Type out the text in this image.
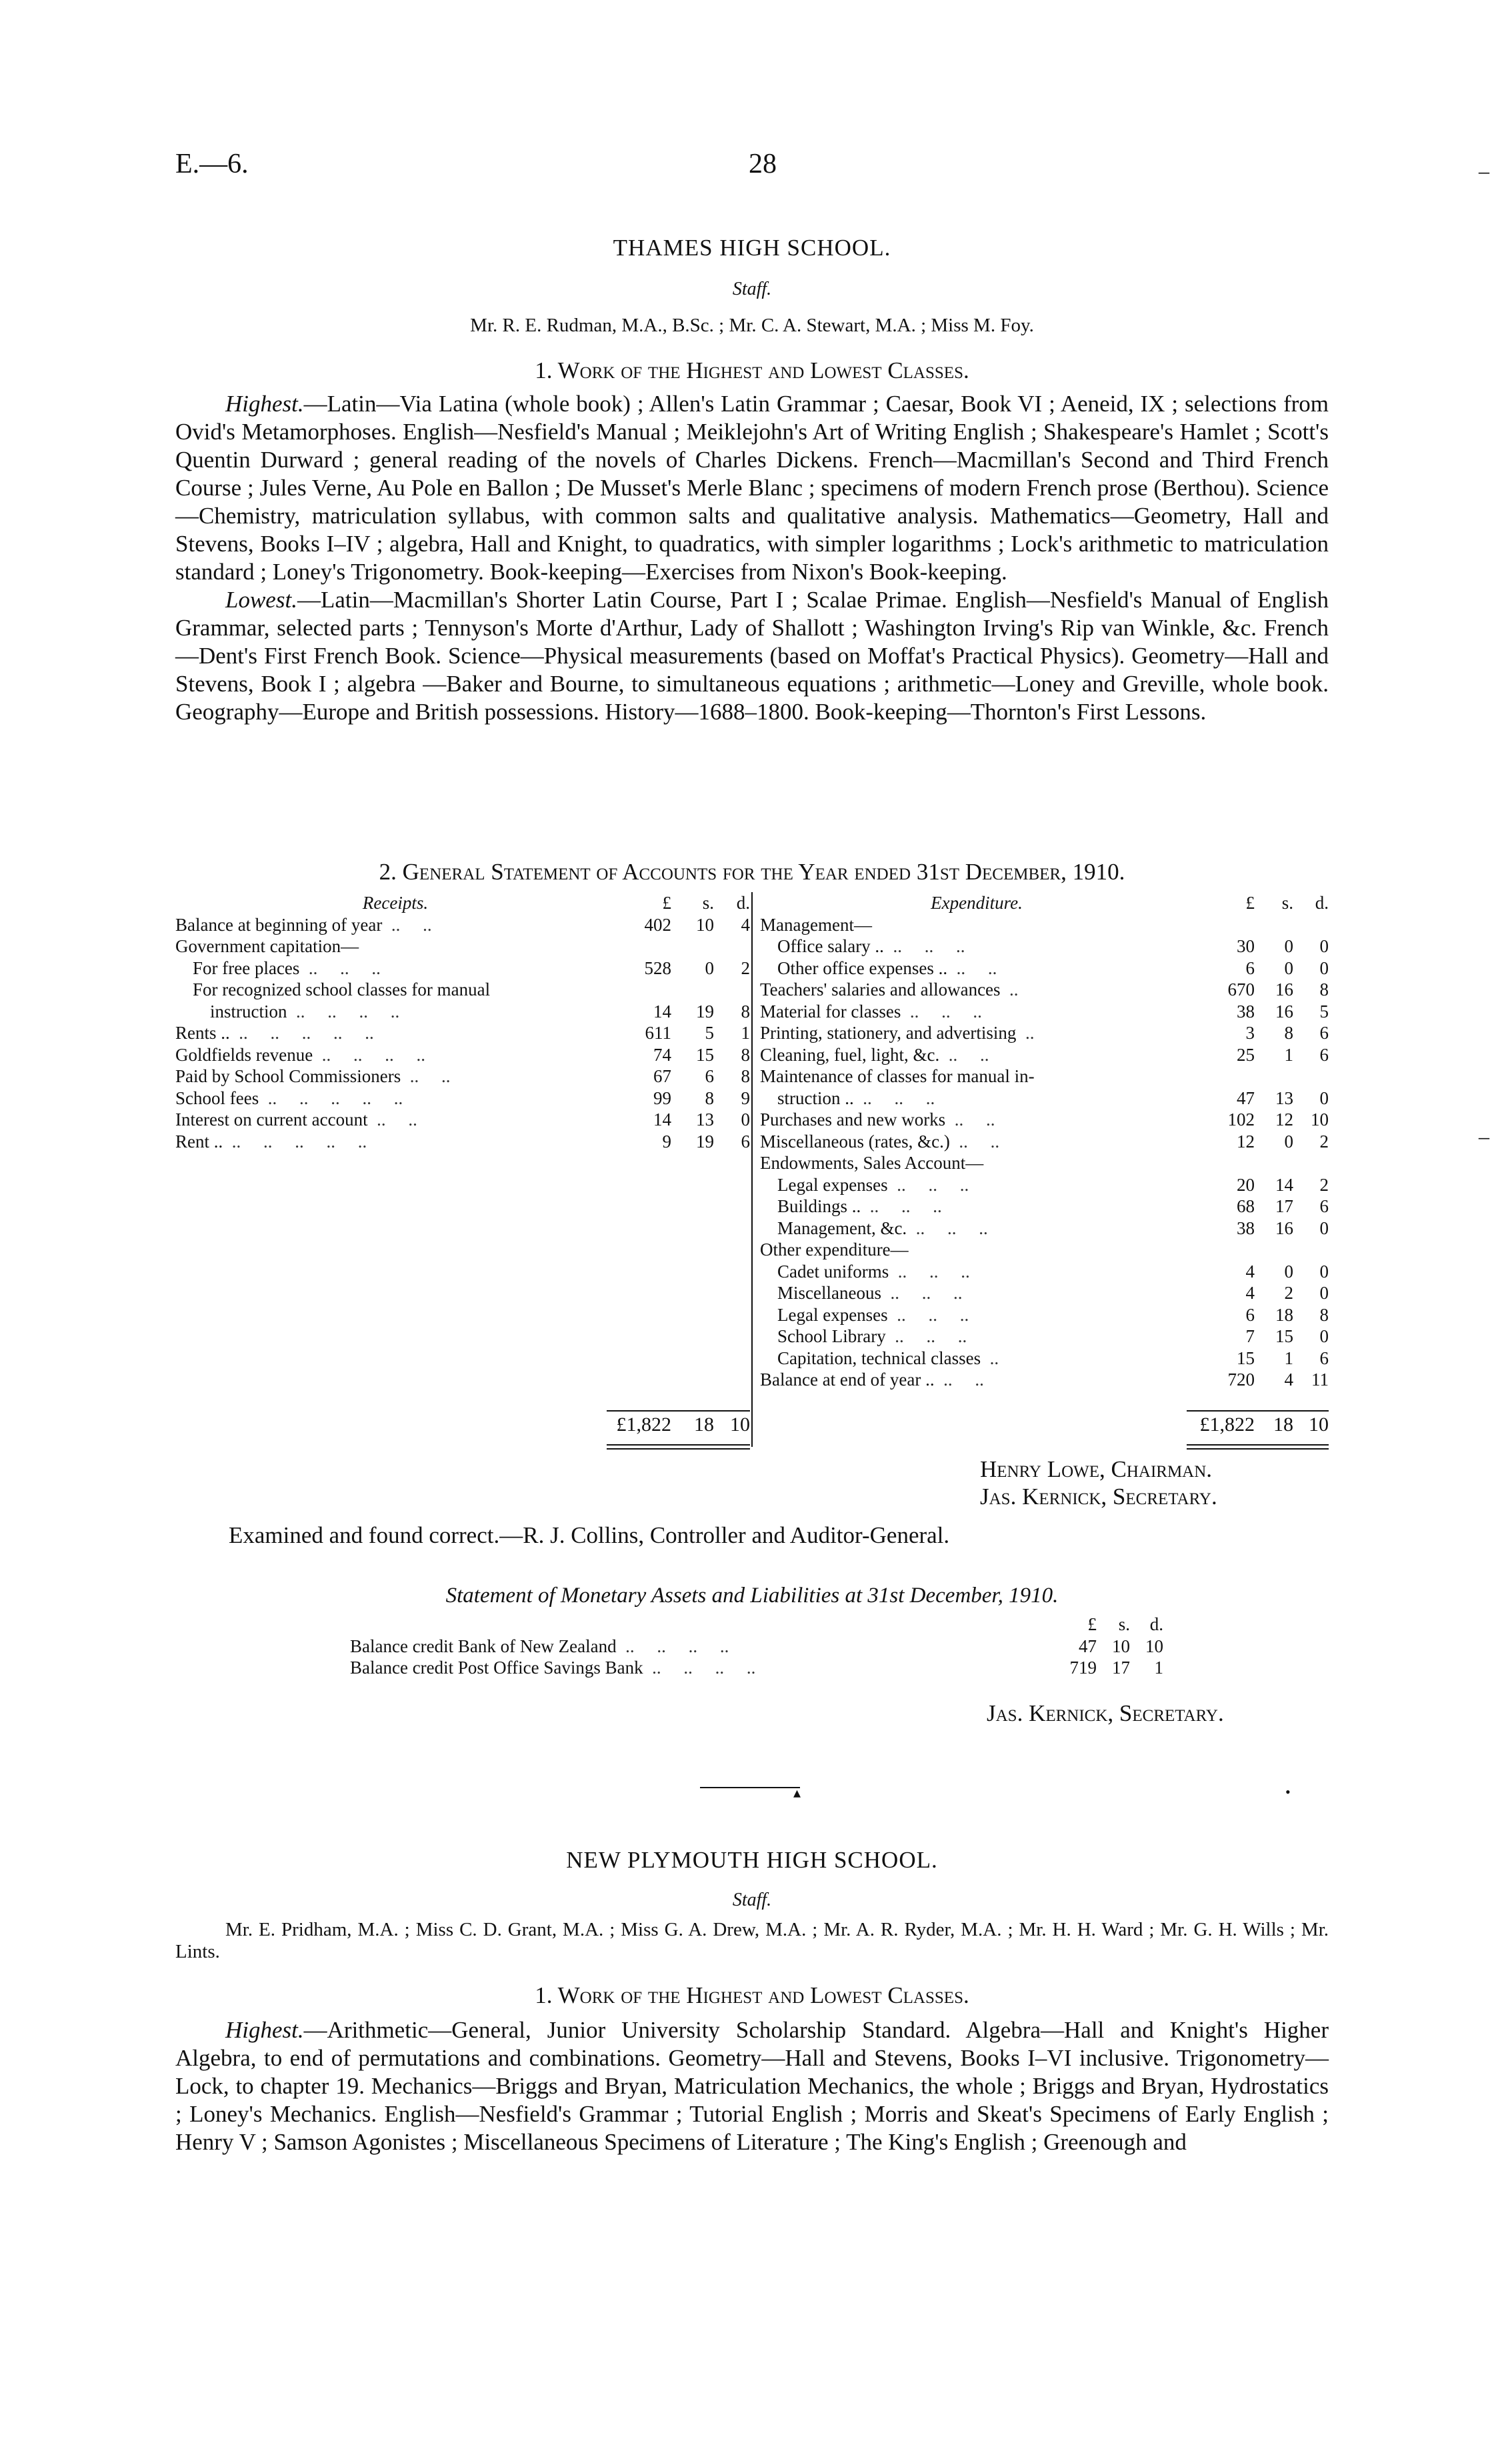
E.—6.	28	–
THAMES HIGH SCHOOL.
Staff.
Mr. R. E. Rudman, M.A., B.Sc. ; Mr. C. A. Stewart, M.A. ; Miss M. Foy.
1. Work of the Highest and Lowest Classes.

Highest.—Latin—Via Latina (whole book) ; Allen's Latin Grammar ; Caesar, Book VI ; Aeneid, IX ; selections from Ovid's Metamorphoses. English—Nesfield's Manual ; Meiklejohn's Art of Writing English ; Shakespeare's Hamlet ; Scott's Quentin Durward ; general reading of the novels of Charles Dickens. French—Macmillan's Second and Third French Course ; Jules Verne, Au Pole en Ballon ; De Musset's Merle Blanc ; specimens of modern French prose (Berthou). Science—Chemistry, matriculation syllabus, with common salts and qualitative analysis. Mathematics—Geometry, Hall and Stevens, Books I–IV ; algebra, Hall and Knight, to quadratics, with simpler logarithms ; Lock's arithmetic to matriculation standard ; Loney's Trigonometry. Book-keeping—Exercises from Nixon's Book-keeping.

Lowest.—Latin—Macmillan's Shorter Latin Course, Part I ; Scalae Primae. English—Nesfield's Manual of English Grammar, selected parts ; Tennyson's Morte d'Arthur, Lady of Shallott ; Washington Irving's Rip van Winkle, &c. French—Dent's First French Book. Science—Physical measurements (based on Moffat's Practical Physics). Geometry—Hall and Stevens, Book I ; algebra —Baker and Bourne, to simultaneous equations ; arithmetic—Loney and Greville, whole book. Geography—Europe and British possessions. History—1688–1800. Book-keeping—Thornton's First Lessons.

2. General Statement of Accounts for the Year ended 31st December, 1910.
Receipts.	£	s.	d.
Balance at beginning of year  ..     ..	402	10	4
Government capitation—			
For free places  ..     ..     ..	528	0	2
For recognized school classes for manual			
instruction  ..     ..     ..     ..	14	19	8
Rents ..  ..     ..     ..     ..     ..	611	5	1
Goldfields revenue  ..     ..     ..     ..	74	15	8
Paid by School Commissioners  ..     ..	67	6	8
School fees  ..     ..     ..     ..     ..	99	8	9
Interest on current account  ..     ..	14	13	0
Rent ..  ..     ..     ..     ..     ..	9	19	6
	£1,822	18	10
Expenditure.	£	s.	d.
Management—			
Office salary ..  ..     ..     ..	30	0	0
Other office expenses ..  ..     ..	6	0	0
Teachers' salaries and allowances  ..	670	16	8
Material for classes  ..     ..     ..	38	16	5
Printing, stationery, and advertising  ..	3	8	6
Cleaning, fuel, light, &c.  ..     ..	25	1	6
Maintenance of classes for manual in-			
struction ..  ..     ..     ..	47	13	0
Purchases and new works  ..     ..	102	12	10
Miscellaneous (rates, &c.)  ..     ..	12	0	2
Endowments, Sales Account—			
Legal expenses  ..     ..     ..	20	14	2
Buildings ..  ..     ..     ..	68	17	6
Management, &c.  ..     ..     ..	38	16	0
Other expenditure—			
Cadet uniforms  ..     ..     ..	4	0	0
Miscellaneous  ..     ..     ..	4	2	0
Legal expenses  ..     ..     ..	6	18	8
School Library  ..     ..     ..	7	15	0
Capitation, technical classes  ..	15	1	6
Balance at end of year ..  ..     ..	720	4	11
	£1,822	18	10
–
Henry Lowe, Chairman.
Jas. Kernick, Secretary.
Examined and found correct.—R. J. Collins, Controller and Auditor-General.
Statement of Monetary Assets and Liabilities at 31st December, 1910.
	£	s.	d.
Balance credit Bank of New Zealand  ..     ..     ..     ..	47	10	10
Balance credit Post Office Savings Bank  ..     ..     ..     ..	719	17	1
Jas. Kernick, Secretary.
▴	•
NEW PLYMOUTH HIGH SCHOOL.
Staff.
Mr. E. Pridham, M.A. ; Miss C. D. Grant, M.A. ; Miss G. A. Drew, M.A. ; Mr. A. R. Ryder, M.A. ; Mr. H. H. Ward ; Mr. G. H. Wills ; Mr. Lints.
1. Work of the Highest and Lowest Classes.

Highest.—Arithmetic—General, Junior University Scholarship Standard. Algebra—Hall and Knight's Higher Algebra, to end of permutations and combinations. Geometry—Hall and Stevens, Books I–VI inclusive. Trigonometry—Lock, to chapter 19. Mechanics—Briggs and Bryan, Matriculation Mechanics, the whole ; Briggs and Bryan, Hydrostatics ; Loney's Mechanics. English—Nesfield's Grammar ; Tutorial English ; Morris and Skeat's Specimens of Early English ; Henry V ; Samson Agonistes ; Miscellaneous Specimens of Literature ; The King's English ; Greenough and
